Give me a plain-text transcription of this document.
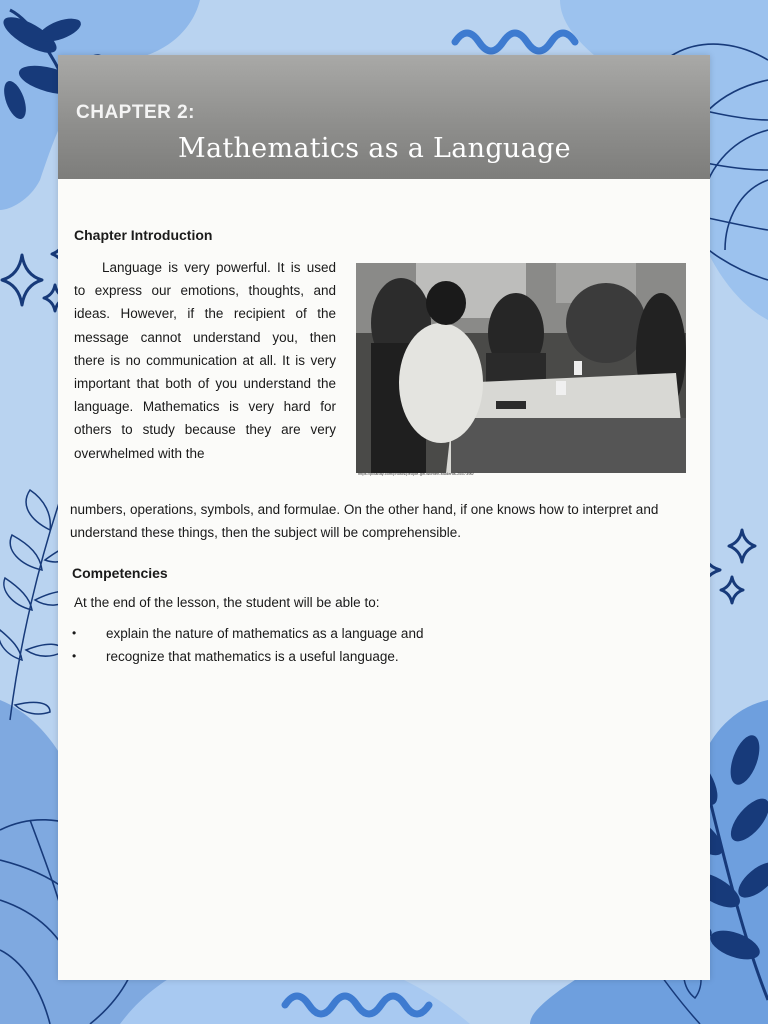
CHAPTER 2:
Mathematics as a Language
Chapter Introduction

Language is very powerful. It is used to express our emotions, thoughts, and ideas. However, if the recipient of the message cannot understand you, then there is no communication at all. It is very important that both of you understand the language. Mathematics is very hard for others to study because they are very overwhelmed with the

https://pixabay.com/photos/people-girl-women-students-2557396/

numbers, operations, symbols, and formulae. On the other hand, if one knows how to interpret and understand these things, then the subject will be comprehensible.

Competencies
At the end of the lesson, the student will be able to:
• explain the nature of mathematics as a language and
• recognize that mathematics is a useful language.
